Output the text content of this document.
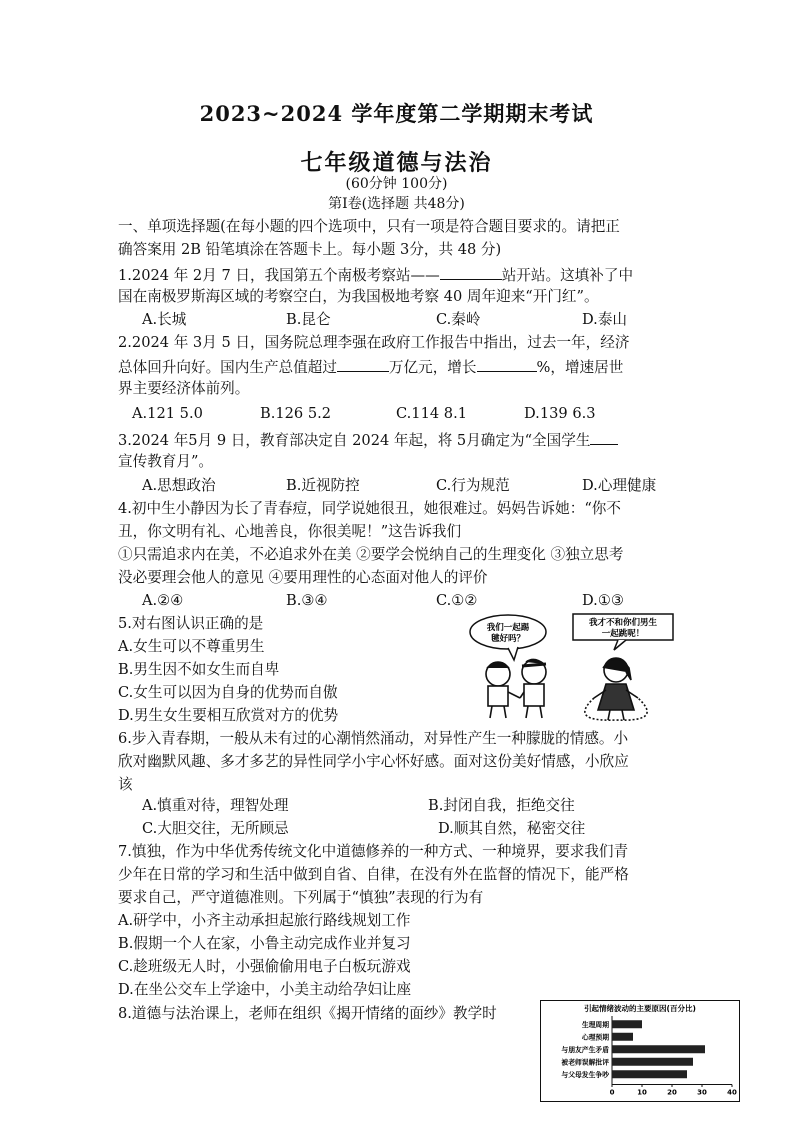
2023~2024 学年度第二学期期末考试
七年级道德与法治
(60分钟 100分)
第Ⅰ卷(选择题 共48分)
一、单项选择题(在每小题的四个选项中，只有一项是符合题目要求的。请把正
确答案用 2B 铅笔填涂在答题卡上。每小题 3分，共 48 分)
1.2024 年 2月 7 日，我国第五个南极考察站——	站开站。这填补了中
国在南极罗斯海区域的考察空白，为我国极地考察 40 周年迎来“开门红”。
A.长城	B.昆仑	C.秦岭	D.泰山
2.2024 年 3月 5 日，国务院总理李强在政府工作报告中指出，过去一年，经济
总体回升向好。国内生产总值超过	万亿元，增长	%，增速居世
界主要经济体前列。
A.121 5.0	B.126 5.2	C.114 8.1	D.139 6.3
3.2024 年5月 9 日，教育部决定自 2024 年起，将 5月确定为“全国学生
宣传教育月”。
A.思想政治	B.近视防控	C.行为规范	D.心理健康
4.初中生小静因为长了青春痘，同学说她很丑，她很难过。妈妈告诉她：“你不
丑，你文明有礼、心地善良，你很美呢！”这告诉我们
①只需追求内在美，不必追求外在美 ②要学会悦纳自己的生理变化 ③独立思考
没必要理会他人的意见 ④要用理性的心态面对他人的评价
A.②④	B.③④	C.①②	D.①③
5.对右图认识正确的是
A.女生可以不尊重男生
B.男生因不如女生而自卑
C.女生可以因为自身的优势而自傲
D.男生女生要相互欣赏对方的优势
我们一起踢
毽好吗？
我才不和你们男生
一起跳呢！
6.步入青春期，一般从未有过的心潮悄然涌动，对异性产生一种朦胧的情感。小
欣对幽默风趣、多才多艺的异性同学小宇心怀好感。面对这份美好情感，小欣应
该
A.慎重对待，理智处理	B.封闭自我，拒绝交往
C.大胆交往，无所顾忌	D.顺其自然，秘密交往
7.慎独，作为中华优秀传统文化中道德修养的一种方式、一种境界，要求我们青
少年在日常的学习和生活中做到自省、自律，在没有外在监督的情况下，能严格
要求自己，严守道德准则。下列属于“慎独”表现的行为有
A.研学中，小齐主动承担起旅行路线规划工作
B.假期一个人在家，小鲁主动完成作业并复习
C.趁班级无人时，小强偷偷用电子白板玩游戏
D.在坐公交车上学途中，小美主动给孕妇让座
8.道德与法治课上，老师在组织《揭开情绪的面纱》教学时	引起情绪波动的主要原因(百分比)
生理周期
心理预期
与朋友产生矛盾
被老师误解批评
与父母发生争吵
0	10	20	30	40
